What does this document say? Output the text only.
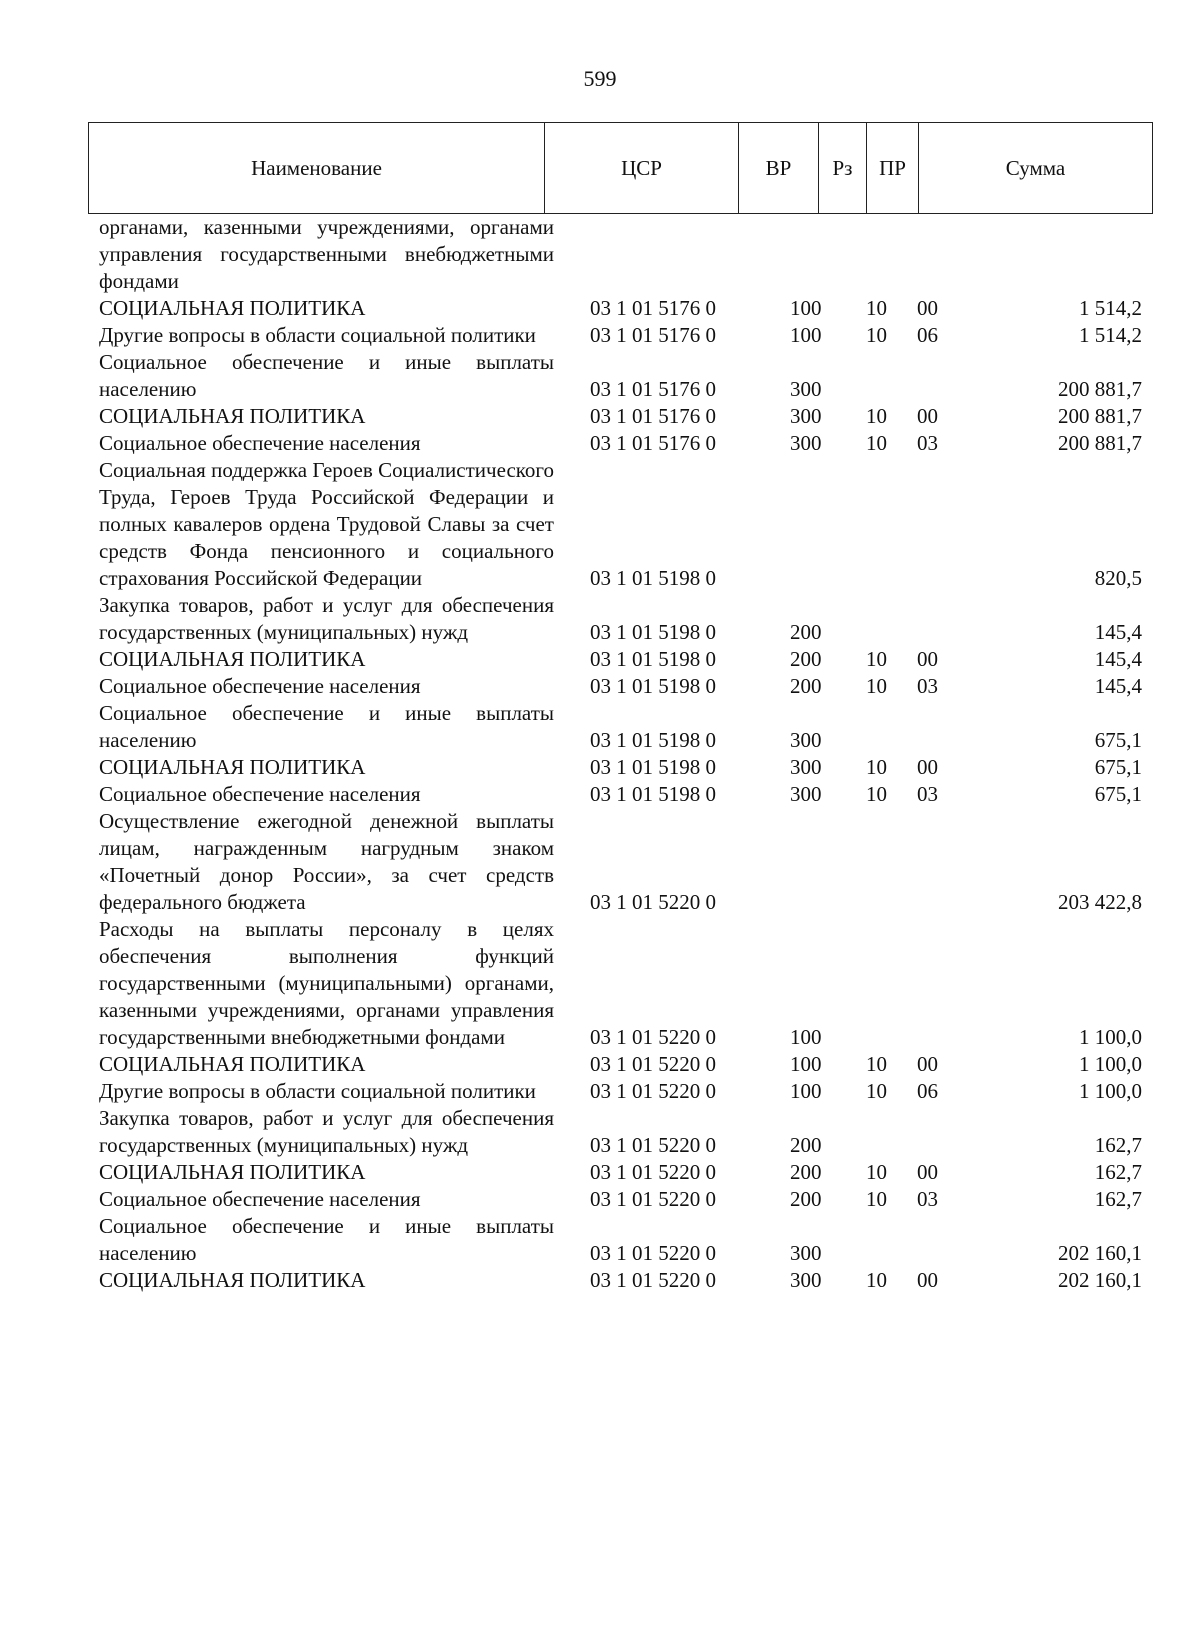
599
Наименование	ЦСР	ВР	Рз	ПР	Сумма
органами, казенными учреждениями, органами управления государственными внебюджетными фондами
СОЦИАЛЬНАЯ ПОЛИТИКА	03 1 01 5176 0	100 10 00	1 514,2
Другие вопросы в области социальной политики	03 1 01 5176 0	100 10 06	1 514,2
Социальное обеспечение и иные выплаты населению	03 1 01 5176 0	300	200 881,7
СОЦИАЛЬНАЯ ПОЛИТИКА	03 1 01 5176 0	300 10 00	200 881,7
Социальное обеспечение населения	03 1 01 5176 0	300 10 03	200 881,7
Социальная поддержка Героев Социалистического Труда, Героев Труда Российской Федерации и полных кавалеров ордена Трудовой Славы за счет средств Фонда пенсионного и социального страхования Российской Федерации	03 1 01 5198 0	820,5
Закупка товаров, работ и услуг для обеспечения государственных (муниципальных) нужд	03 1 01 5198 0	200	145,4
СОЦИАЛЬНАЯ ПОЛИТИКА	03 1 01 5198 0	200 10 00	145,4
Социальное обеспечение населения	03 1 01 5198 0	200 10 03	145,4
Социальное обеспечение и иные выплаты населению	03 1 01 5198 0	300	675,1
СОЦИАЛЬНАЯ ПОЛИТИКА	03 1 01 5198 0	300 10 00	675,1
Социальное обеспечение населения	03 1 01 5198 0	300 10 03	675,1
Осуществление ежегодной денежной выплаты лицам, награжденным нагрудным знаком «Почетный донор России», за счет средств федерального бюджета	03 1 01 5220 0	203 422,8
Расходы на выплаты персоналу в целях обеспечения выполнения функций государственными (муниципальными) органами, казенными учреждениями, органами управления государственными внебюджетными фондами	03 1 01 5220 0	100	1 100,0
СОЦИАЛЬНАЯ ПОЛИТИКА	03 1 01 5220 0	100 10 00	1 100,0
Другие вопросы в области социальной политики	03 1 01 5220 0	100 10 06	1 100,0
Закупка товаров, работ и услуг для обеспечения государственных (муниципальных) нужд	03 1 01 5220 0	200	162,7
СОЦИАЛЬНАЯ ПОЛИТИКА	03 1 01 5220 0	200 10 00	162,7
Социальное обеспечение населения	03 1 01 5220 0	200 10 03	162,7
Социальное обеспечение и иные выплаты населению	03 1 01 5220 0	300	202 160,1
СОЦИАЛЬНАЯ ПОЛИТИКА	03 1 01 5220 0	300 10 00	202 160,1
